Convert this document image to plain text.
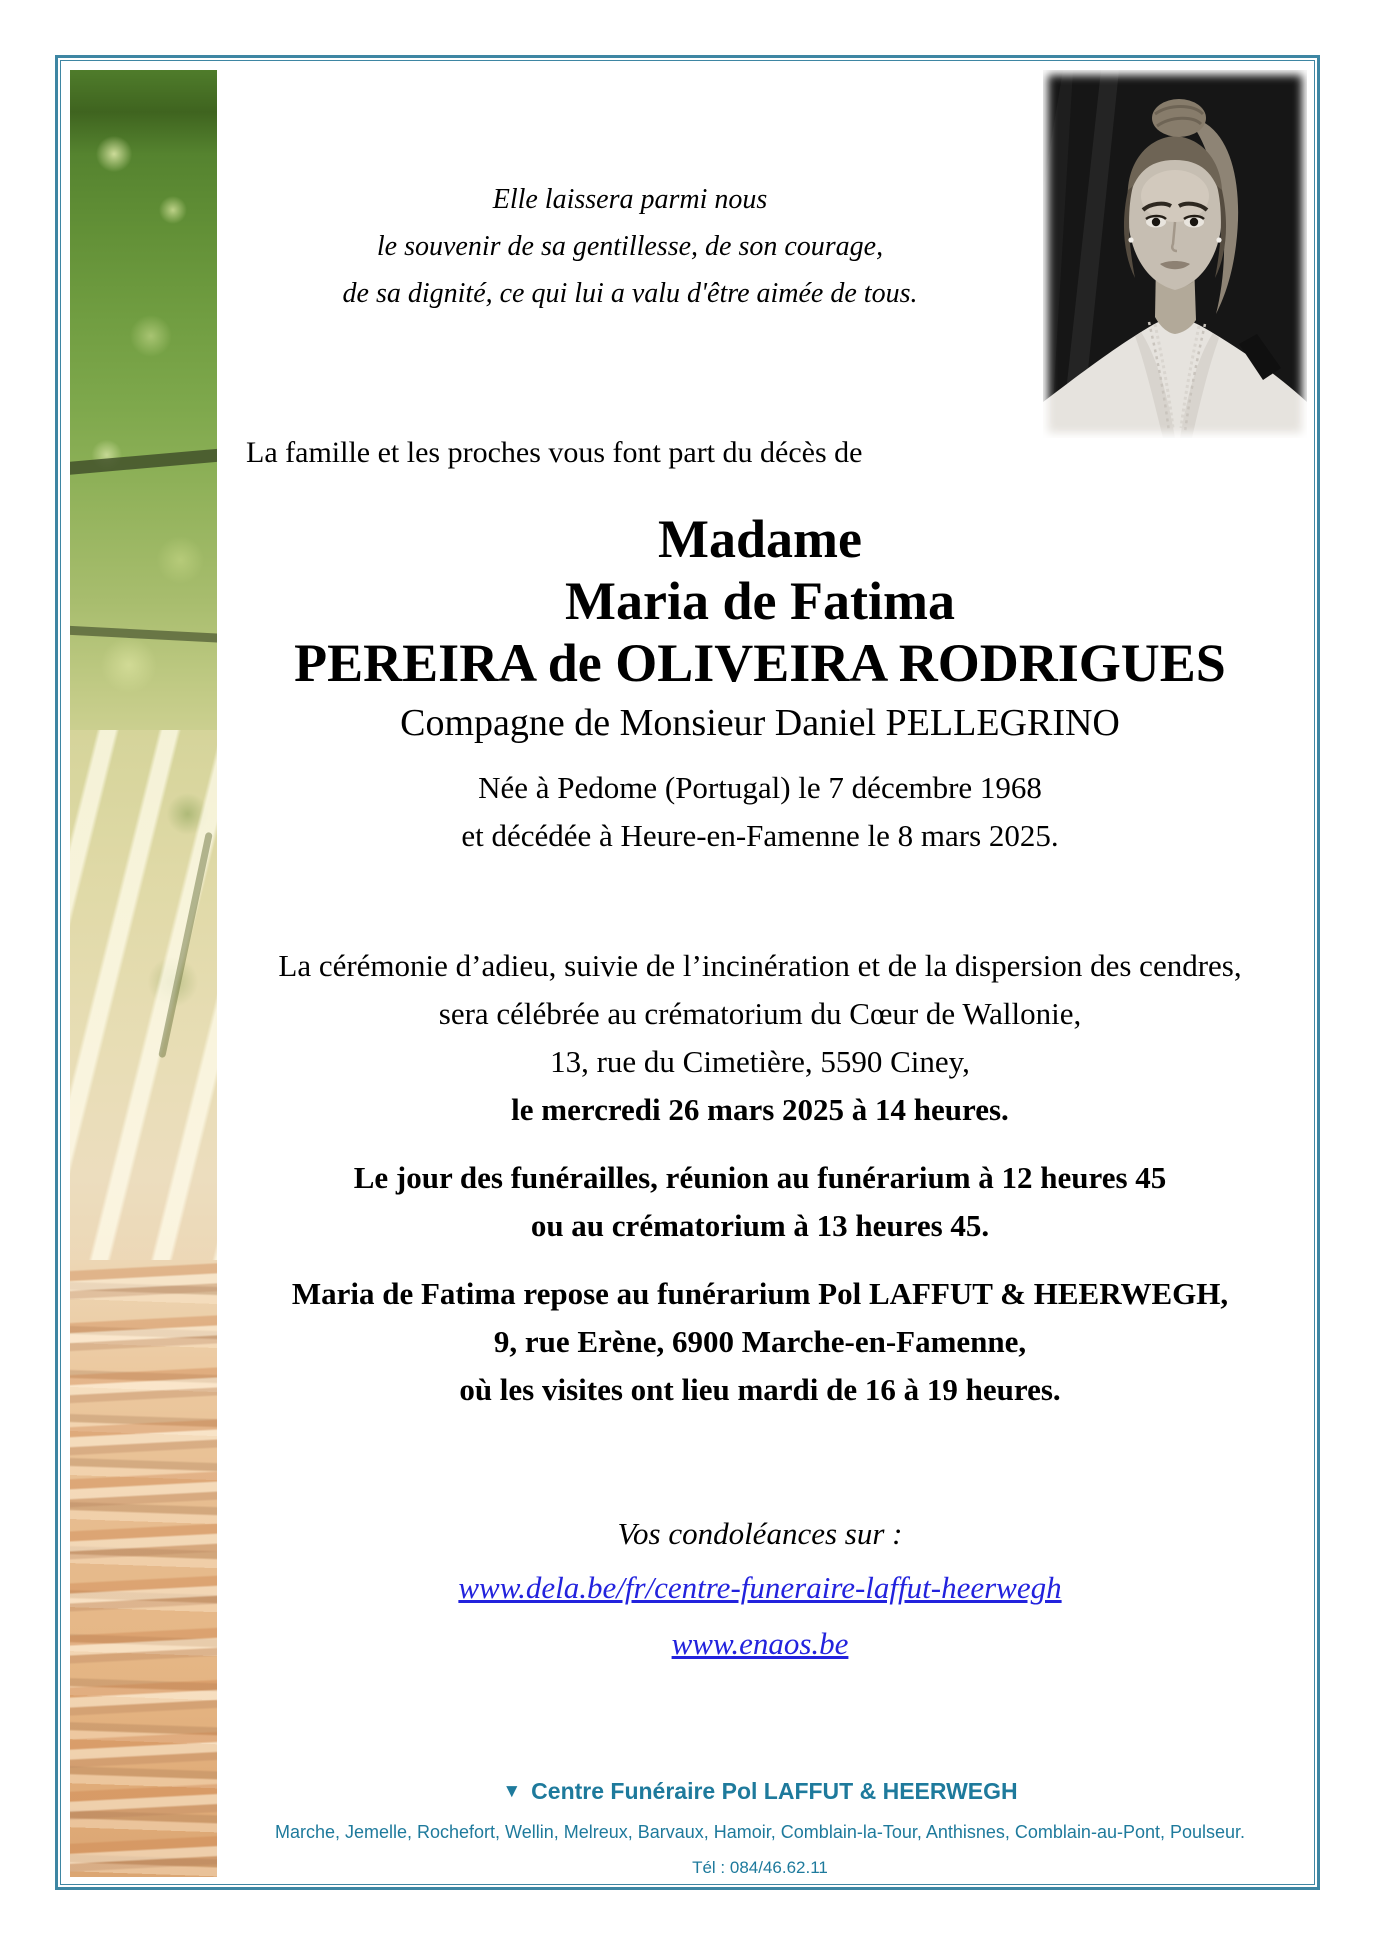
Elle laissera parmi nous
le souvenir de sa gentillesse, de son courage,
de sa dignité, ce qui lui a valu d'être aimée de tous.
La famille et les proches vous font part du décès de
Madame
Maria de Fatima
PEREIRA de OLIVEIRA RODRIGUES
Compagne de Monsieur Daniel PELLEGRINO
Née à Pedome (Portugal) le 7 décembre 1968
et décédée à Heure-en-Famenne le 8 mars 2025.
La cérémonie d’adieu, suivie de l’incinération et de la dispersion des cendres,
sera célébrée au crématorium du Cœur de Wallonie,
13, rue du Cimetière, 5590 Ciney,
le mercredi 26 mars 2025 à 14 heures.
Le jour des funérailles, réunion au funérarium à 12 heures 45
ou au crématorium à 13 heures 45.
Maria de Fatima repose au funérarium Pol LAFFUT & HEERWEGH,
9, rue Erène, 6900 Marche-en-Famenne,
où les visites ont lieu mardi de 16 à 19 heures.
Vos condoléances sur :
www.dela.be/fr/centre-funeraire-laffut-heerwegh
www.enaos.be
▼ Centre Funéraire Pol LAFFUT & HEERWEGH
Marche, Jemelle, Rochefort, Wellin, Melreux, Barvaux, Hamoir, Comblain-la-Tour, Anthisnes, Comblain-au-Pont, Poulseur.
Tél : 084/46.62.11
